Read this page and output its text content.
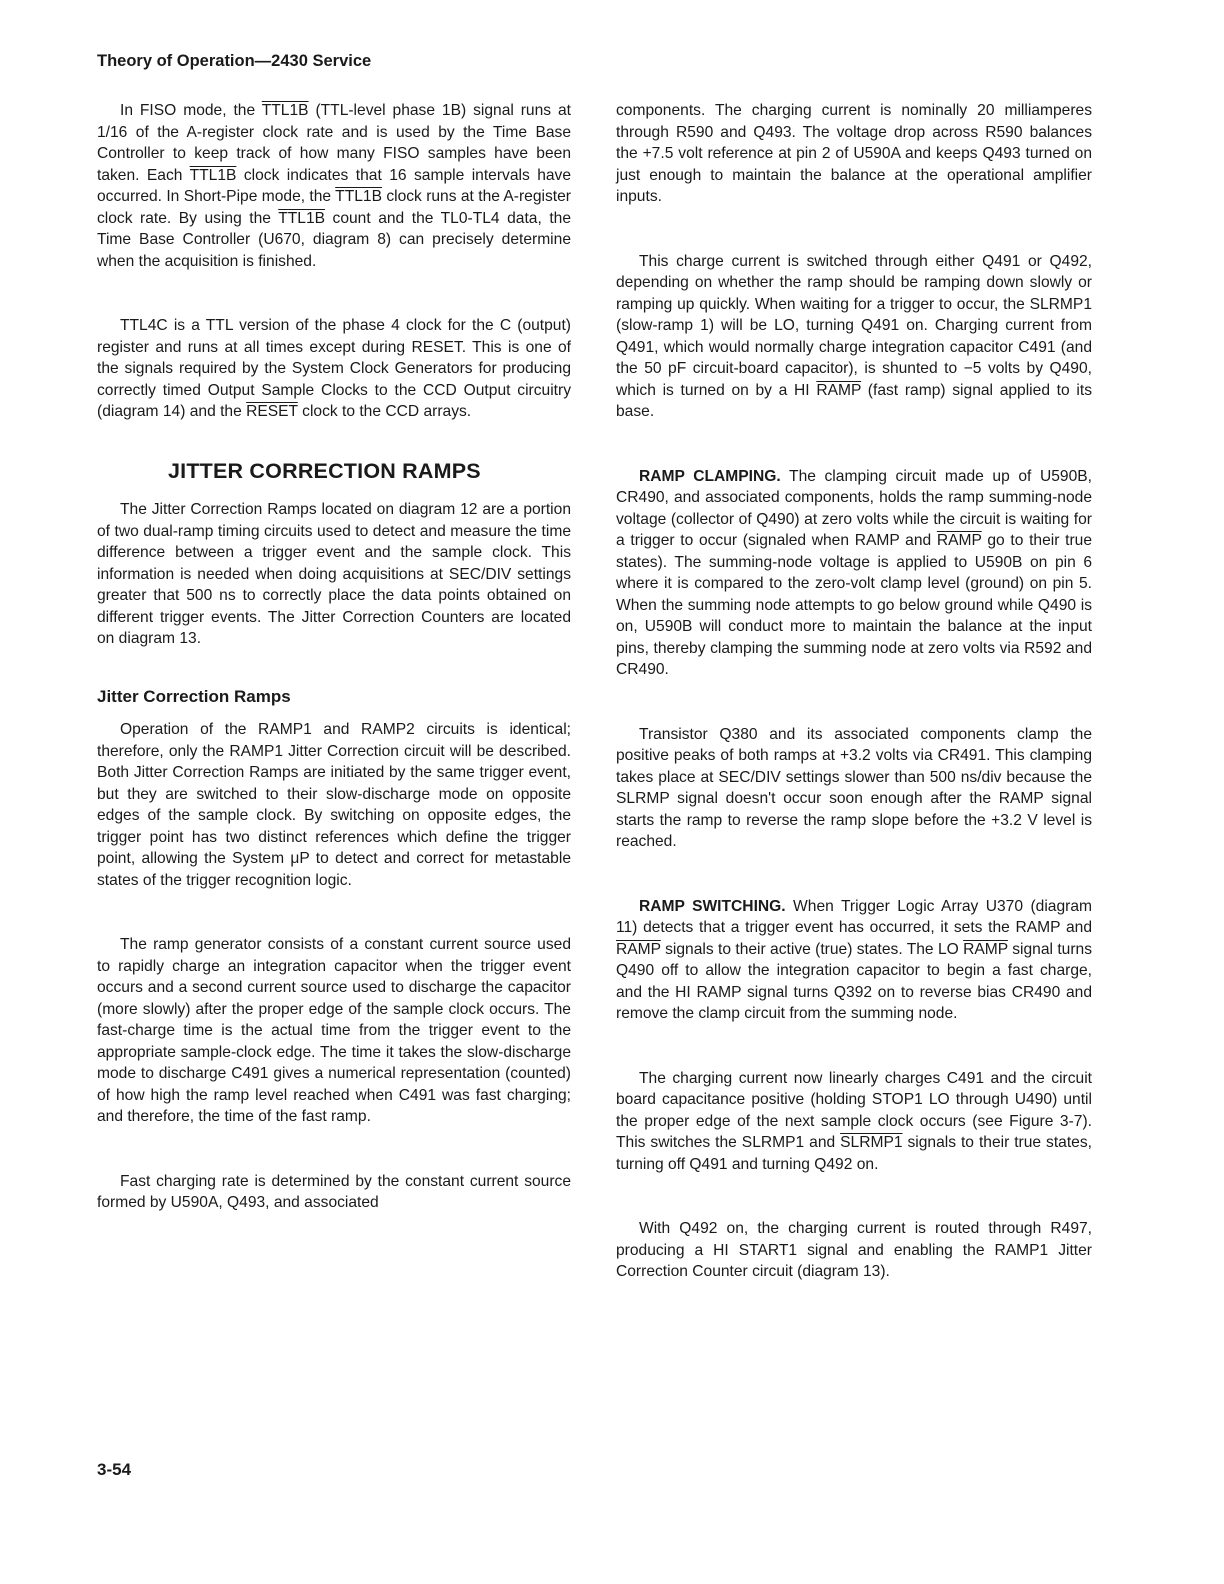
Theory of Operation—2430 Service

In FISO mode, the TTL1B (TTL-level phase 1B) signal runs at 1/16 of the A-register clock rate and is used by the Time Base Controller to keep track of how many FISO samples have been taken. Each TTL1B clock indicates that 16 sample intervals have occurred. In Short-Pipe mode, the TTL1B clock runs at the A-register clock rate. By using the TTL1B count and the TL0-TL4 data, the Time Base Controller (U670, diagram 8) can precisely determine when the acquisition is finished.

TTL4C is a TTL version of the phase 4 clock for the C (output) register and runs at all times except during RESET. This is one of the signals required by the System Clock Generators for producing correctly timed Output Sample Clocks to the CCD Output circuitry (diagram 14) and the RESET clock to the CCD arrays.

JITTER CORRECTION RAMPS

The Jitter Correction Ramps located on diagram 12 are a portion of two dual-ramp timing circuits used to detect and measure the time difference between a trigger event and the sample clock. This information is needed when doing acquisitions at SEC/DIV settings greater that 500 ns to correctly place the data points obtained on different trigger events. The Jitter Correction Counters are located on diagram 13.

Jitter Correction Ramps

Operation of the RAMP1 and RAMP2 circuits is identical; therefore, only the RAMP1 Jitter Correction circuit will be described. Both Jitter Correction Ramps are initiated by the same trigger event, but they are switched to their slow-discharge mode on opposite edges of the sample clock. By switching on opposite edges, the trigger point has two distinct references which define the trigger point, allowing the System μP to detect and correct for metastable states of the trigger recognition logic.

The ramp generator consists of a constant current source used to rapidly charge an integration capacitor when the trigger event occurs and a second current source used to discharge the capacitor (more slowly) after the proper edge of the sample clock occurs. The fast-charge time is the actual time from the trigger event to the appropriate sample-clock edge. The time it takes the slow-discharge mode to discharge C491 gives a numerical representation (counted) of how high the ramp level reached when C491 was fast charging; and therefore, the time of the fast ramp.

Fast charging rate is determined by the constant current source formed by U590A, Q493, and associated

components. The charging current is nominally 20 milliamperes through R590 and Q493. The voltage drop across R590 balances the +7.5 volt reference at pin 2 of U590A and keeps Q493 turned on just enough to maintain the balance at the operational amplifier inputs.

This charge current is switched through either Q491 or Q492, depending on whether the ramp should be ramping down slowly or ramping up quickly. When waiting for a trigger to occur, the SLRMP1 (slow-ramp 1) will be LO, turning Q491 on. Charging current from Q491, which would normally charge integration capacitor C491 (and the 50 pF circuit-board capacitor), is shunted to −5 volts by Q490, which is turned on by a HI RAMP (fast ramp) signal applied to its base.

RAMP CLAMPING. The clamping circuit made up of U590B, CR490, and associated components, holds the ramp summing-node voltage (collector of Q490) at zero volts while the circuit is waiting for a trigger to occur (signaled when RAMP and RAMP go to their true states). The summing-node voltage is applied to U590B on pin 6 where it is compared to the zero-volt clamp level (ground) on pin 5. When the summing node attempts to go below ground while Q490 is on, U590B will conduct more to maintain the balance at the input pins, thereby clamping the summing node at zero volts via R592 and CR490.

Transistor Q380 and its associated components clamp the positive peaks of both ramps at +3.2 volts via CR491. This clamping takes place at SEC/DIV settings slower than 500 ns/div because the SLRMP signal doesn't occur soon enough after the RAMP signal starts the ramp to reverse the ramp slope before the +3.2 V level is reached.

RAMP SWITCHING. When Trigger Logic Array U370 (diagram 11) detects that a trigger event has occurred, it sets the RAMP and RAMP signals to their active (true) states. The LO RAMP signal turns Q490 off to allow the integration capacitor to begin a fast charge, and the HI RAMP signal turns Q392 on to reverse bias CR490 and remove the clamp circuit from the summing node.

The charging current now linearly charges C491 and the circuit board capacitance positive (holding STOP1 LO through U490) until the proper edge of the next sample clock occurs (see Figure 3-7). This switches the SLRMP1 and SLRMP1 signals to their true states, turning off Q491 and turning Q492 on.

With Q492 on, the charging current is routed through R497, producing a HI START1 signal and enabling the RAMP1 Jitter Correction Counter circuit (diagram 13).

3-54
